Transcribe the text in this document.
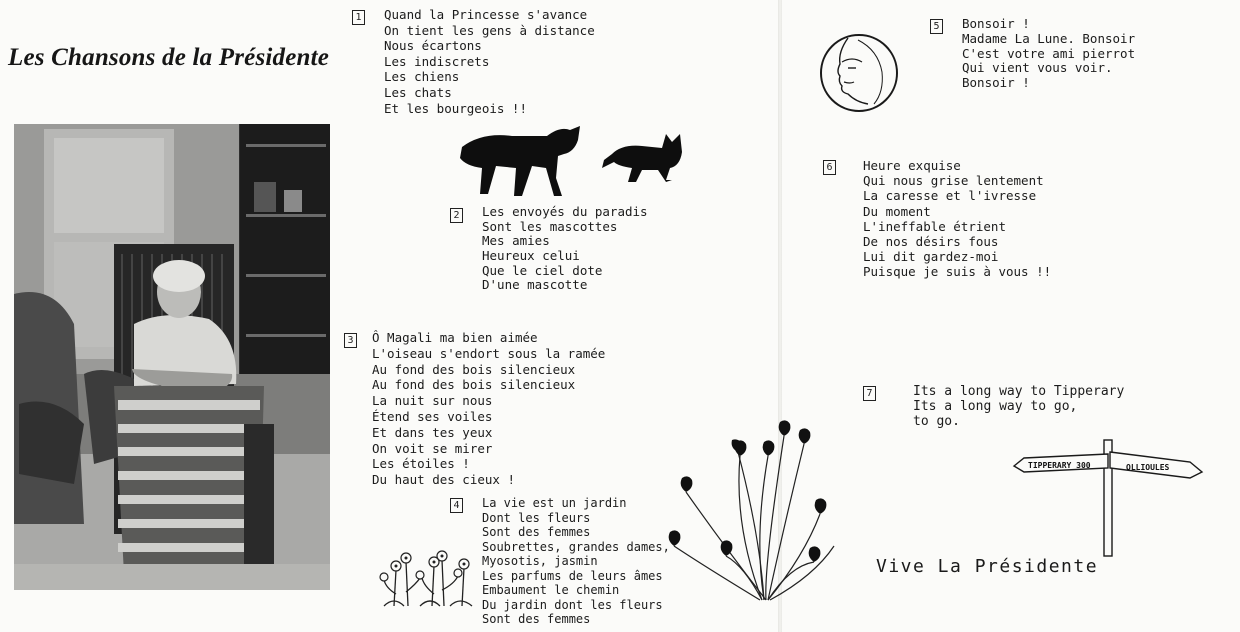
Les Chansons de la Présidente
1 Quand la Princesse s'avance
On tient les gens à distance
Nous écartons
Les indiscrets
Les chiens
Les chats
Et les bourgeois !!
2 Les envoyés du paradis
Sont les mascottes
Mes amies
Heureux celui
Que le ciel dote
D'une mascotte
3 Ô Magali ma bien aimée
L'oiseau s'endort sous la ramée
Au fond des bois silencieux
Au fond des bois silencieux
La nuit sur nous
Étend ses voiles
Et dans tes yeux
On voit se mirer
Les étoiles !
Du haut des cieux !
4 La vie est un jardin
Dont les fleurs
Sont des femmes
Soubrettes, grandes dames,
Myosotis, jasmin
Les parfums de leurs âmes
Embaument le chemin
Du jardin dont les fleurs
Sont des femmes
5 Bonsoir !
Madame La Lune. Bonsoir
C'est votre ami pierrot
Qui vient vous voir.
Bonsoir !
6 Heure exquise
Qui nous grise lentement
La caresse et l'ivresse
Du moment
L'ineffable étrient
De nos désirs fous
Lui dit gardez-moi
Puisque je suis à vous !!
7	Its a long way to Tipperary
Its a long way to go,
to go.
TIPPERARY 300	OLLIOULES

Vive La Présidente
